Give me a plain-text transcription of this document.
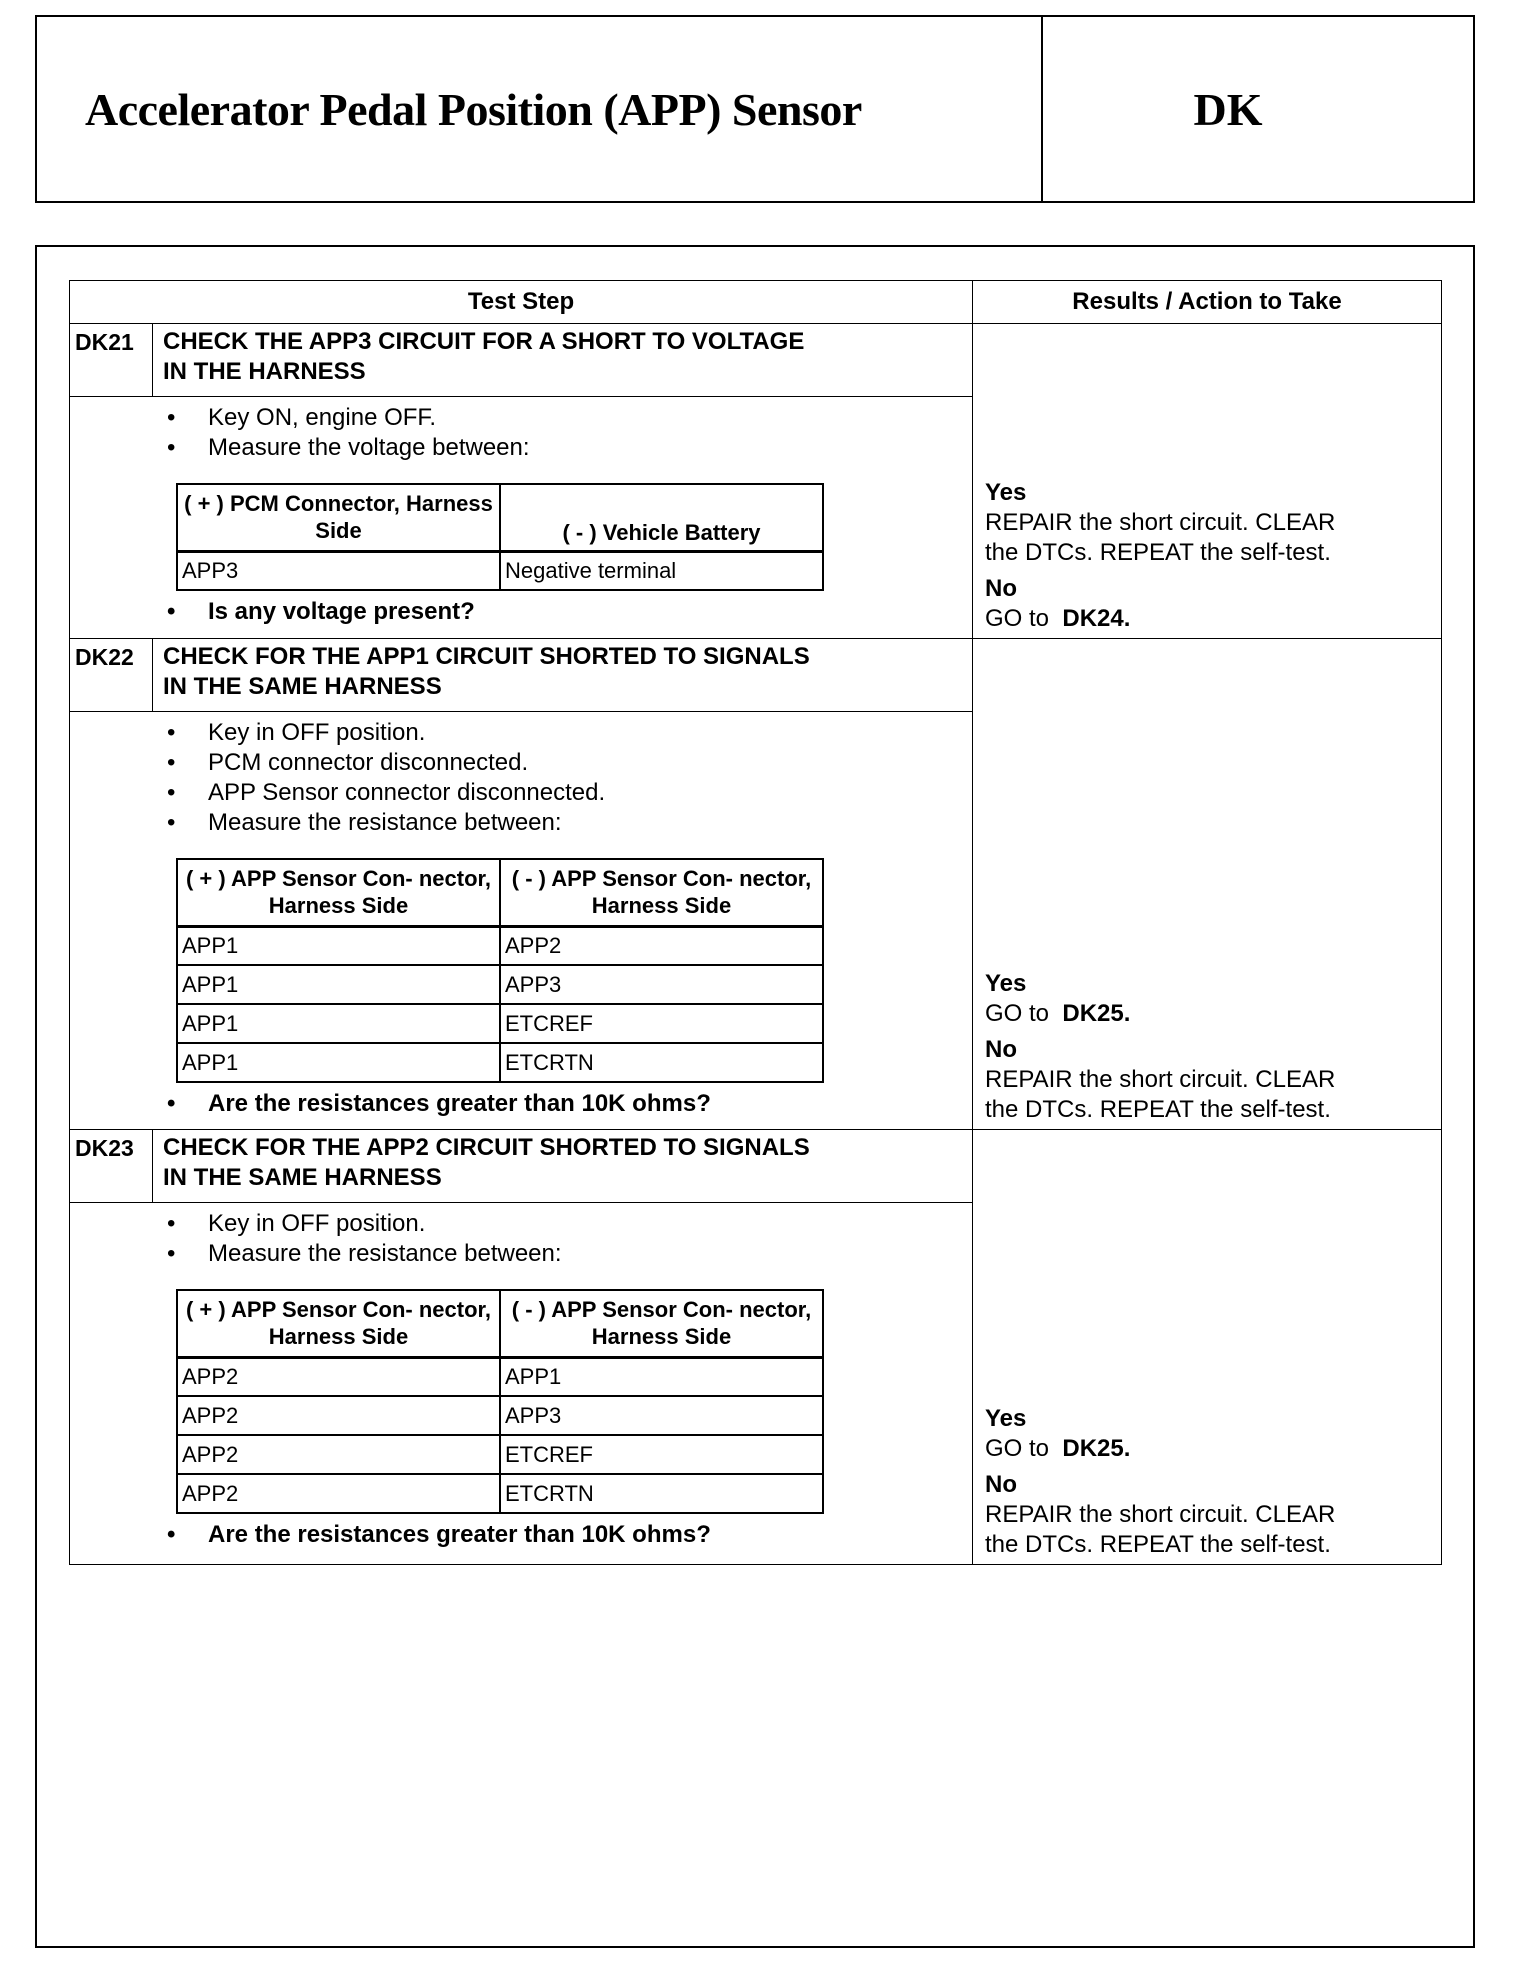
Accelerator Pedal Position (APP) Sensor	DK
Test Step	Results / Action to Take
DK21	CHECK THE APP3 CIRCUIT FOR A SHORT TO VOLTAGE
IN THE HARNESS
•	Key ON, engine OFF.
•	Measure the voltage between:
( + ) PCM Connector, Harness Side	( - ) Vehicle Battery
APP3	Negative terminal
•	Is any voltage present?
Yes
REPAIR the short circuit. CLEAR
the DTCs. REPEAT the self-test.
No
GO to DK24.
DK22	CHECK FOR THE APP1 CIRCUIT SHORTED TO SIGNALS
IN THE SAME HARNESS
•	Key in OFF position.
•	PCM connector disconnected.
•	APP Sensor connector disconnected.
•	Measure the resistance between:
( + ) APP Sensor Con- nector, Harness Side	( - ) APP Sensor Con- nector, Harness Side
APP1	APP2
APP1	APP3
APP1	ETCREF
APP1	ETCRTN
•	Are the resistances greater than 10K ohms?
Yes
GO to DK25.
No
REPAIR the short circuit. CLEAR
the DTCs. REPEAT the self-test.
DK23	CHECK FOR THE APP2 CIRCUIT SHORTED TO SIGNALS
IN THE SAME HARNESS
•	Key in OFF position.
•	Measure the resistance between:
( + ) APP Sensor Con- nector, Harness Side	( - ) APP Sensor Con- nector, Harness Side
APP2	APP1
APP2	APP3
APP2	ETCREF
APP2	ETCRTN
•	Are the resistances greater than 10K ohms?
Yes
GO to DK25.
No
REPAIR the short circuit. CLEAR
the DTCs. REPEAT the self-test.
